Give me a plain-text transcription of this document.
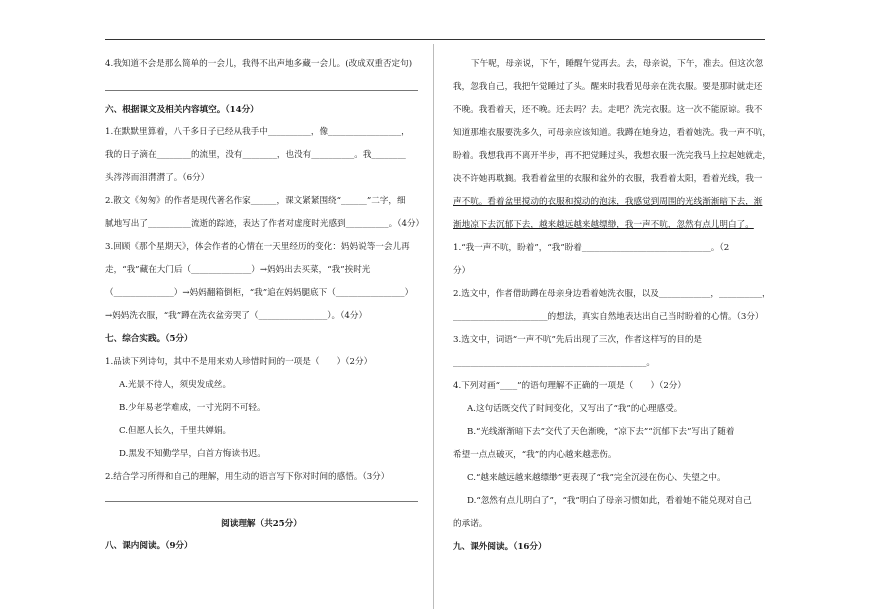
4.我知道不会是那么简单的一会儿，我得不出声地多藏一会儿。(改成双重否定句)
六、根据课文及相关内容填空。（14分）
1.在默默里算着，八千多日子已经从我手中__________，像_________________，
我的日子滴在________的流里，没有________，也没有__________。我________
头涔涔而泪潸潸了。（6分）
2.散文《匆匆》的作者是现代著名作家______，课文紧紧围绕“______”二字，细
腻地写出了__________流逝的踪迹，表达了作者对虚度时光感到__________。（4分）
3.回顾《那个星期天》，体会作者的心情在一天里经历的变化：妈妈说等一会儿再
走，“我”藏在大门后（______________）→妈妈出去买菜，“我”挨时光
（______________）→妈妈翻箱倒柜，“我”追在妈妈腿底下（________________）
→妈妈洗衣服，“我”蹲在洗衣盆旁哭了（________________）。（4分）
七、综合实践。（5分）
1.品读下列诗句，其中不是用来劝人珍惜时间的一项是（　　）（2分）
A.光景不待人，须臾发成丝。
B.少年易老学难成，一寸光阴不可轻。
C.但愿人长久，千里共婵娟。
D.黑发不知勤学早，白首方悔读书迟。
2.结合学习所得和自己的理解，用生动的语言写下你对时间的感悟。（3分）
阅读理解（共25分）
八、课内阅读。（9分）
下午呢，母亲说，下午，睡醒午觉再去。去，母亲说，下午，准去。但这次忽
我，忽我自己，我把午觉睡过了头。醒来时我看见母亲在洗衣服。要是那时就走还
不晚。我看着天，还不晚。还去吗？去。走吧？洗完衣服。这一次不能原谅。我不
知道那堆衣服要洗多久，可母亲应该知道。我蹲在她身边，看着她洗。我一声不吭，
盼着。我想我再不离开半步，再不把觉睡过头，我想衣服一洗完我马上拉起她就走，
决不许她再耽搁。我看着盆里的衣服和盆外的衣服，我看着太阳，看着光线，我一
声不吭。看着盆里搅动的衣服和搅动的泡沫，我感觉到周围的光线渐渐暗下去，渐
渐地凉下去沉郁下去，越来越远越来越缥缈，我一声不吭，忽然有点儿明白了。
1.“我一声不吭，盼着”，“我”盼着______________________________。（2
分）
2.选文中，作者借助蹲在母亲身边看着她洗衣服，以及____________，__________，
______________________的想法，真实自然地表达出自己当时盼着的心情。（3分）
3.选文中，词语“一声不吭”先后出现了三次，作者这样写的目的是
_____________________________________________。
4.下列对画“____”的语句理解不正确的一项是（　　）（2分）
A.这句话既交代了时间变化，又写出了“我”的心理感受。
B.“光线渐渐暗下去”交代了天色渐晚，“凉下去”“沉郁下去”写出了随着
希望一点点破灭，“我”的内心越来越悲伤。
C.“越来越远越来越缥缈”更表现了“我”完全沉浸在伤心、失望之中。
D.“忽然有点儿明白了”，“我”明白了母亲习惯如此，看着她不能兑现对自己
的承诺。
九、课外阅读。（16分）
